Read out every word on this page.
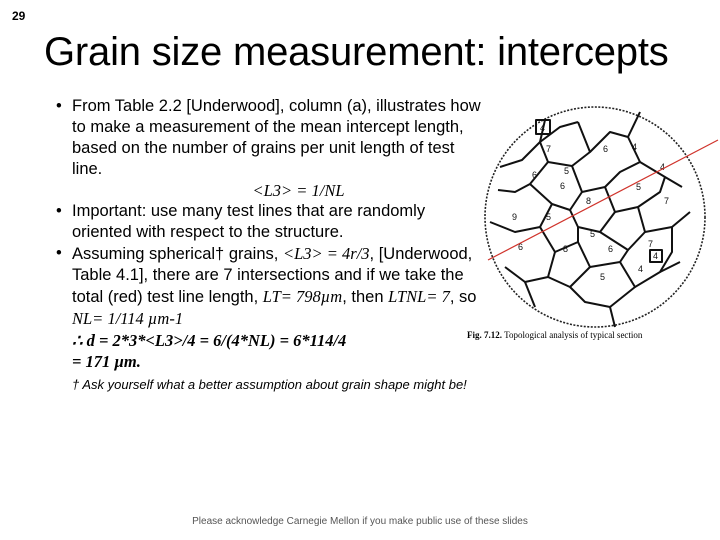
29
Grain size measurement: intercepts
• From Table 2.2 [Underwood], column (a), illustrates how to make a measurement of the mean intercept length, based on the number of grains per unit length of test line.
<L3> = 1/NL
• Important: use many test lines that are randomly oriented with respect to the structure.
• Assuming spherical† grains, <L3> = 4r/3, [Underwood, Table 4.1], there are 7 intersections and if we take the total (red) test line length, LT= 798µm, then LTNL= 7, so NL= 1/114 µm-1
∴ d = 2*3*<L3>/4 = 6/(4*NL) = 6*114/4
= 171 µm.
† Ask yourself what a better assumption about grain shape might be!
4
7
6	5
6
6
9	5
8
4
4
5
7
6	8
5
4
6	7
5
4
Fig. 7.12. Topological analysis of typical section
Please acknowledge Carnegie Mellon if you make public use of these slides
